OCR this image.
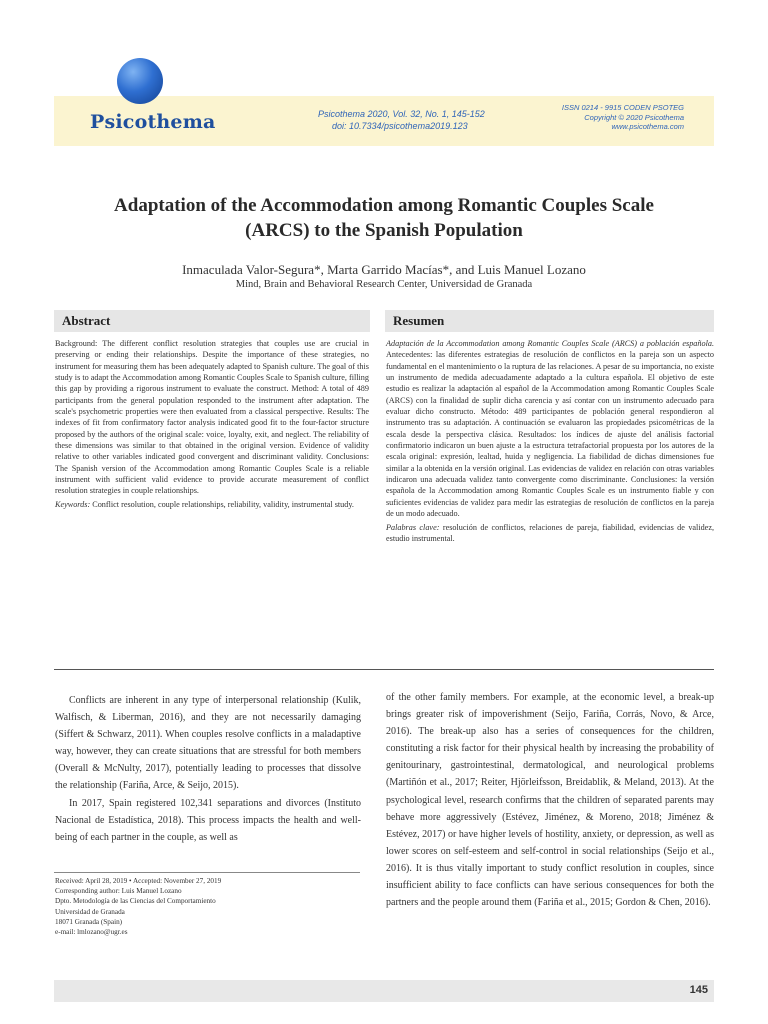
Psicothema	Psicothema 2020, Vol. 32, No. 1, 145-152
doi: 10.7334/psicothema2019.123
ISSN 0214 - 9915 CODEN PSOTEG
Copyright © 2020 Psicothema
www.psicothema.com
Adaptation of the Accommodation among Romantic Couples Scale
(ARCS) to the Spanish Population
Inmaculada Valor-Segura*, Marta Garrido Macías*, and Luis Manuel Lozano
Mind, Brain and Behavioral Research Center, Universidad de Granada
Abstract	Resumen

Background: The different conflict resolution strategies that couples use are crucial in preserving or ending their relationships. Despite the importance of these strategies, no instrument for measuring them has been adequately adapted to Spanish culture. The goal of this study is to adapt the Accommodation among Romantic Couples Scale to Spanish culture, filling this gap by providing a rigorous instrument to evaluate the construct. Method: A total of 489 participants from the general population responded to the instrument after adaptation. The scale's psychometric properties were then evaluated from a classical perspective. Results: The indexes of fit from confirmatory factor analysis indicated good fit to the four-factor structure proposed by the authors of the original scale: voice, loyalty, exit, and neglect. The reliability of these dimensions was similar to that obtained in the original version. Evidence of validity relative to other variables indicated good convergent and discriminant validity. Conclusions: The Spanish version of the Accommodation among Romantic Couples Scale is a reliable instrument with sufficient valid evidence to provide accurate measurement of conflict resolution strategies in couple relationships.

Keywords: Conflict resolution, couple relationships, reliability, validity, instrumental study.

Adaptación de la Accommodation among Romantic Couples Scale (ARCS) a población española. Antecedentes: las diferentes estrategias de resolución de conflictos en la pareja son un aspecto fundamental en el mantenimiento o la ruptura de las relaciones. A pesar de su importancia, no existe un instrumento de medida adecuadamente adaptado a la cultura española. El objetivo de este estudio es realizar la adaptación al español de la Accommodation among Romantic Couples Scale (ARCS) con la finalidad de suplir dicha carencia y así contar con un instrumento adecuado para evaluar dicho constructo. Método: 489 participantes de población general respondieron al instrumento tras su adaptación. A continuación se evaluaron las propiedades psicométricas de la escala desde la perspectiva clásica. Resultados: los índices de ajuste del análisis factorial confirmatorio indicaron un buen ajuste a la estructura tetrafactorial propuesta por los autores de la escala original: expresión, lealtad, huida y negligencia. La fiabilidad de dichas dimensiones fue similar a la obtenida en la versión original. Las evidencias de validez en relación con otras variables indicaron una adecuada validez tanto convergente como discriminante. Conclusiones: la versión española de la Accommodation among Romantic Couples Scale es un instrumento fiable y con suficientes evidencias de validez para medir las estrategias de resolución de conflictos en la pareja de un modo adecuado.

Palabras clave: resolución de conflictos, relaciones de pareja, fiabilidad, evidencias de validez, estudio instrumental.

Conflicts are inherent in any type of interpersonal relationship (Kulik, Walfisch, & Liberman, 2016), and they are not necessarily damaging (Siffert & Schwarz, 2011). When couples resolve conflicts in a maladaptive way, however, they can create situations that are stressful for both members (Overall & McNulty, 2017), potentially leading to processes that dissolve the relationship (Fariña, Arce, & Seijo, 2015).

In 2017, Spain registered 102,341 separations and divorces (Instituto Nacional de Estadística, 2018). This process impacts the health and well-being of each partner in the couple, as well as

of the other family members. For example, at the economic level, a break-up brings greater risk of impoverishment (Seijo, Fariña, Corrás, Novo, & Arce, 2016). The break-up also has a series of consequences for the children, constituting a risk factor for their physical health by increasing the probability of genitourinary, gastrointestinal, dermatological, and neurological problems (Martiñón et al., 2017; Reiter, Hjörleifsson, Breidablik, & Meland, 2013). At the psychological level, research confirms that the children of separated parents may behave more aggressively (Estévez, Jiménez, & Moreno, 2018; Jiménez & Estévez, 2017) or have higher levels of hostility, anxiety, or depression, as well as lower scores on self-esteem and self-control in social relationships (Seijo et al., 2016). It is thus vitally important to study conflict resolution in couples, since insufficient ability to face conflicts can have serious consequences for both the partners and the people around them (Fariña et al., 2015; Gordon & Chen, 2016).

Received: April 28, 2019 • Accepted: November 27, 2019
Corresponding author: Luis Manuel Lozano
Dpto. Metodología de las Ciencias del Comportamiento
Universidad de Granada
18071 Granada (Spain)
e-mail: lmlozano@ugr.es
145
